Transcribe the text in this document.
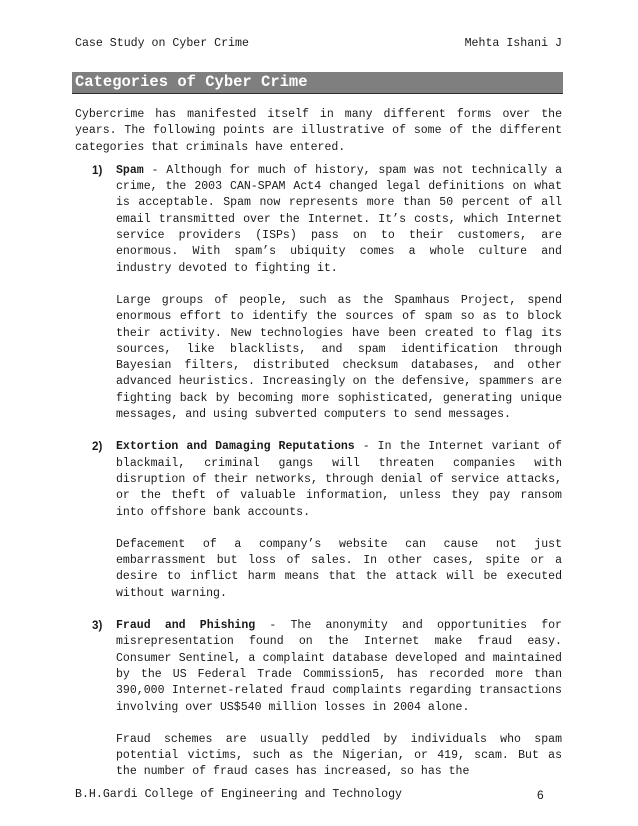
Case Study on Cyber Crime	Mehta Ishani J
Categories of Cyber Crime

Cybercrime has manifested itself in many different forms over the years. The following points are illustrative of some of the different categories that criminals have entered.

1) Spam - Although for much of history, spam was not technically a crime, the 2003 CAN-SPAM Act4 changed legal definitions on what is acceptable. Spam now represents more than 50 percent of all email transmitted over the Internet. It’s costs, which Internet service providers (ISPs) pass on to their customers, are enormous. With spam’s ubiquity comes a whole culture and industry devoted to fighting it.

Large groups of people, such as the Spamhaus Project, spend enormous effort to identify the sources of spam so as to block their activity. New technologies have been created to flag its sources, like blacklists, and spam identification through Bayesian filters, distributed checksum databases, and other advanced heuristics. Increasingly on the defensive, spammers are fighting back by becoming more sophisticated, generating unique messages, and using subverted computers to send messages.

2) Extortion and Damaging Reputations - In the Internet variant of blackmail, criminal gangs will threaten companies with disruption of their networks, through denial of service attacks, or the theft of valuable information, unless they pay ransom into offshore bank accounts.

Defacement of a company’s website can cause not just embarrassment but loss of sales. In other cases, spite or a desire to inflict harm means that the attack will be executed without warning.

3) Fraud and Phishing - The anonymity and opportunities for misrepresentation found on the Internet make fraud easy. Consumer Sentinel, a complaint database developed and maintained by the US Federal Trade Commission5, has recorded more than 390,000 Internet-related fraud complaints regarding transactions involving over US$540 million losses in 2004 alone.

Fraud schemes are usually peddled by individuals who spam potential victims, such as the Nigerian, or 419, scam. But as the number of fraud cases has increased, so has the

B.H.Gardi College of Engineering and Technology	6
